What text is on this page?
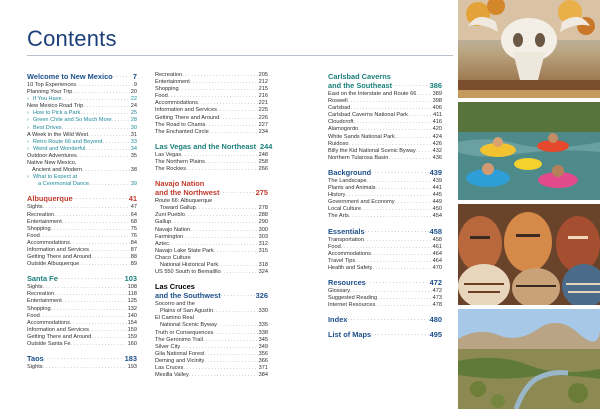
Contents
Welcome to New Mexico . . .	7
10 Top Experiences . . .	9
Planning Your Trip . . .	20
› If You Have . . .	22
New Mexico Road Trip . . .	24
› How to Pick a Park . . .	25
› Green Chile and So Much More . . .	28
› Best Drives . . .	30
A Week in the Wild West . . .	31
› Retro Route 66 and Beyond . . .	33
› Weird and Wonderful . . .	34
Outdoor Adventures . . .	35
Native New Mexico,
Ancient and Modern . . .	38
› What to Expect at
a Ceremonial Dance . . .	39
Albuquerque . . .	41
Sights . . .	47
Recreation . . .	64
Entertainment . . .	68
Shopping . . .	75
Food . . .	76
Accommodations . . .	84
Information and Services . . .	87
Getting There and Around . . .	88
Outside Albuquerque . . .	89
Santa Fe . . .	103
Sights . . .	108
Recreation . . .	118
Entertainment . . .	125
Shopping . . .	132
Food . . .	140
Accommodations . . .	154
Information and Services . . .	159
Getting There and Around . . .	159
Outside Santa Fe . . .	160
Taos . . .	183
Sights . . .	193
Recreation . . .	205
Entertainment . . .	212
Shopping . . .	215
Food . . .	216
Accommodations . . .	221
Information and Services . . .	225
Getting There and Around . . .	226
The Road to Chama . . .	227
The Enchanted Circle . . .	234
Las Vegas and the Northeast . . . 244
Las Vegas . . .	248
The Northern Plains . . .	258
The Rockies . . .	266
Navajo Nation
and the Northwest . . .	275
Route 66: Albuquerque
Toward Gallup . . .	278
Zuni Pueblo . . .	288
Gallup . . .	290
Navajo Nation . . .	300
Farmington . . .	303
Aztec . . .	312
Navajo Lake State Park . . .	315
Chaco Culture
National Historical Park . . .	318
US 550 South to Bernalillo . . .	324
Las Cruces
and the Southwest . . .	326
Socorro and the
Plains of San Agustín . . .	330
El Camino Real
National Scenic Byway . . .	335
Truth or Consequences . . .	338
The Geronimo Trail . . .	345
Silver City . . .	349
Gila National Forest . . .	356
Deming and Vicinity . . .	366
Las Cruces . . .	371
Mesilla Valley . . .	384
Carlsbad Caverns
and the Southeast . . .	386
East on the Interstate and Route 66 . . .	389
Roswell . . .	398
Carlsbad . . .	406
Carlsbad Caverns National Park . . .	411
Cloudcroft . . .	416
Alamogordo . . .	420
White Sands National Park . . .	424
Ruidoso . . .	426
Billy the Kid National Scenic Byway . . .	432
Northern Tularosa Basin . . .	436
Background . . .	439
The Landscape . . .	439
Plants and Animals . . .	441
History . . .	445
Government and Economy . . .	449
Local Culture . . .	450
The Arts . . .	454
Essentials . . .	458
Transportation . . .	458
Food . . .	461
Accommodations . . .	464
Travel Tips . . .	464
Health and Safety . . .	470
Resources . . .	472
Glossary . . .	472
Suggested Reading . . .	473
Internet Resources . . .	478
Index . . .	480
List of Maps . . .	495
